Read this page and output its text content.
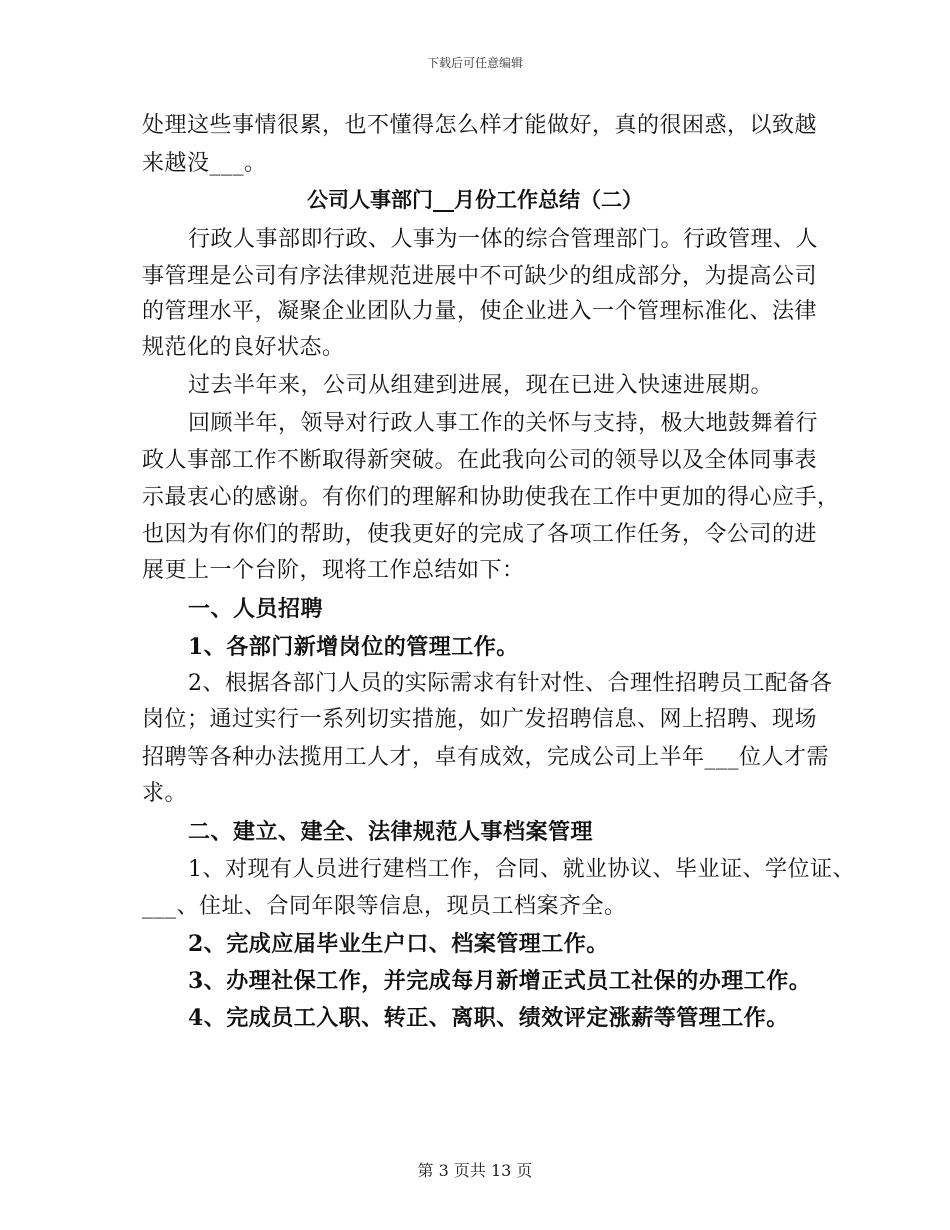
下载后可任意编辑
处理这些事情很累，也不懂得怎么样才能做好，真的很困惑，以致越
来越没___。
公司人事部门__月份工作总结（二）
行政人事部即行政、人事为一体的综合管理部门。行政管理、人
事管理是公司有序法律规范进展中不可缺少的组成部分，为提高公司
的管理水平，凝聚企业团队力量，使企业进入一个管理标准化、法律
规范化的良好状态。
过去半年来，公司从组建到进展，现在已进入快速进展期。
回顾半年，领导对行政人事工作的关怀与支持，极大地鼓舞着行
政人事部工作不断取得新突破。在此我向公司的领导以及全体同事表
示最衷心的感谢。有你们的理解和协助使我在工作中更加的得心应手，
也因为有你们的帮助，使我更好的完成了各项工作任务，令公司的进
展更上一个台阶，现将工作总结如下：
一、人员招聘
1、各部门新增岗位的管理工作。
2、根据各部门人员的实际需求有针对性、合理性招聘员工配备各
岗位；通过实行一系列切实措施，如广发招聘信息、网上招聘、现场
招聘等各种办法揽用工人才，卓有成效，完成公司上半年___位人才需
求。
二、建立、建全、法律规范人事档案管理
1、对现有人员进行建档工作，合同、就业协议、毕业证、学位证、
___、住址、合同年限等信息，现员工档案齐全。
2、完成应届毕业生户口、档案管理工作。
3、办理社保工作，并完成每月新增正式员工社保的办理工作。
4、完成员工入职、转正、离职、绩效评定涨薪等管理工作。
第 3 页共 13 页
